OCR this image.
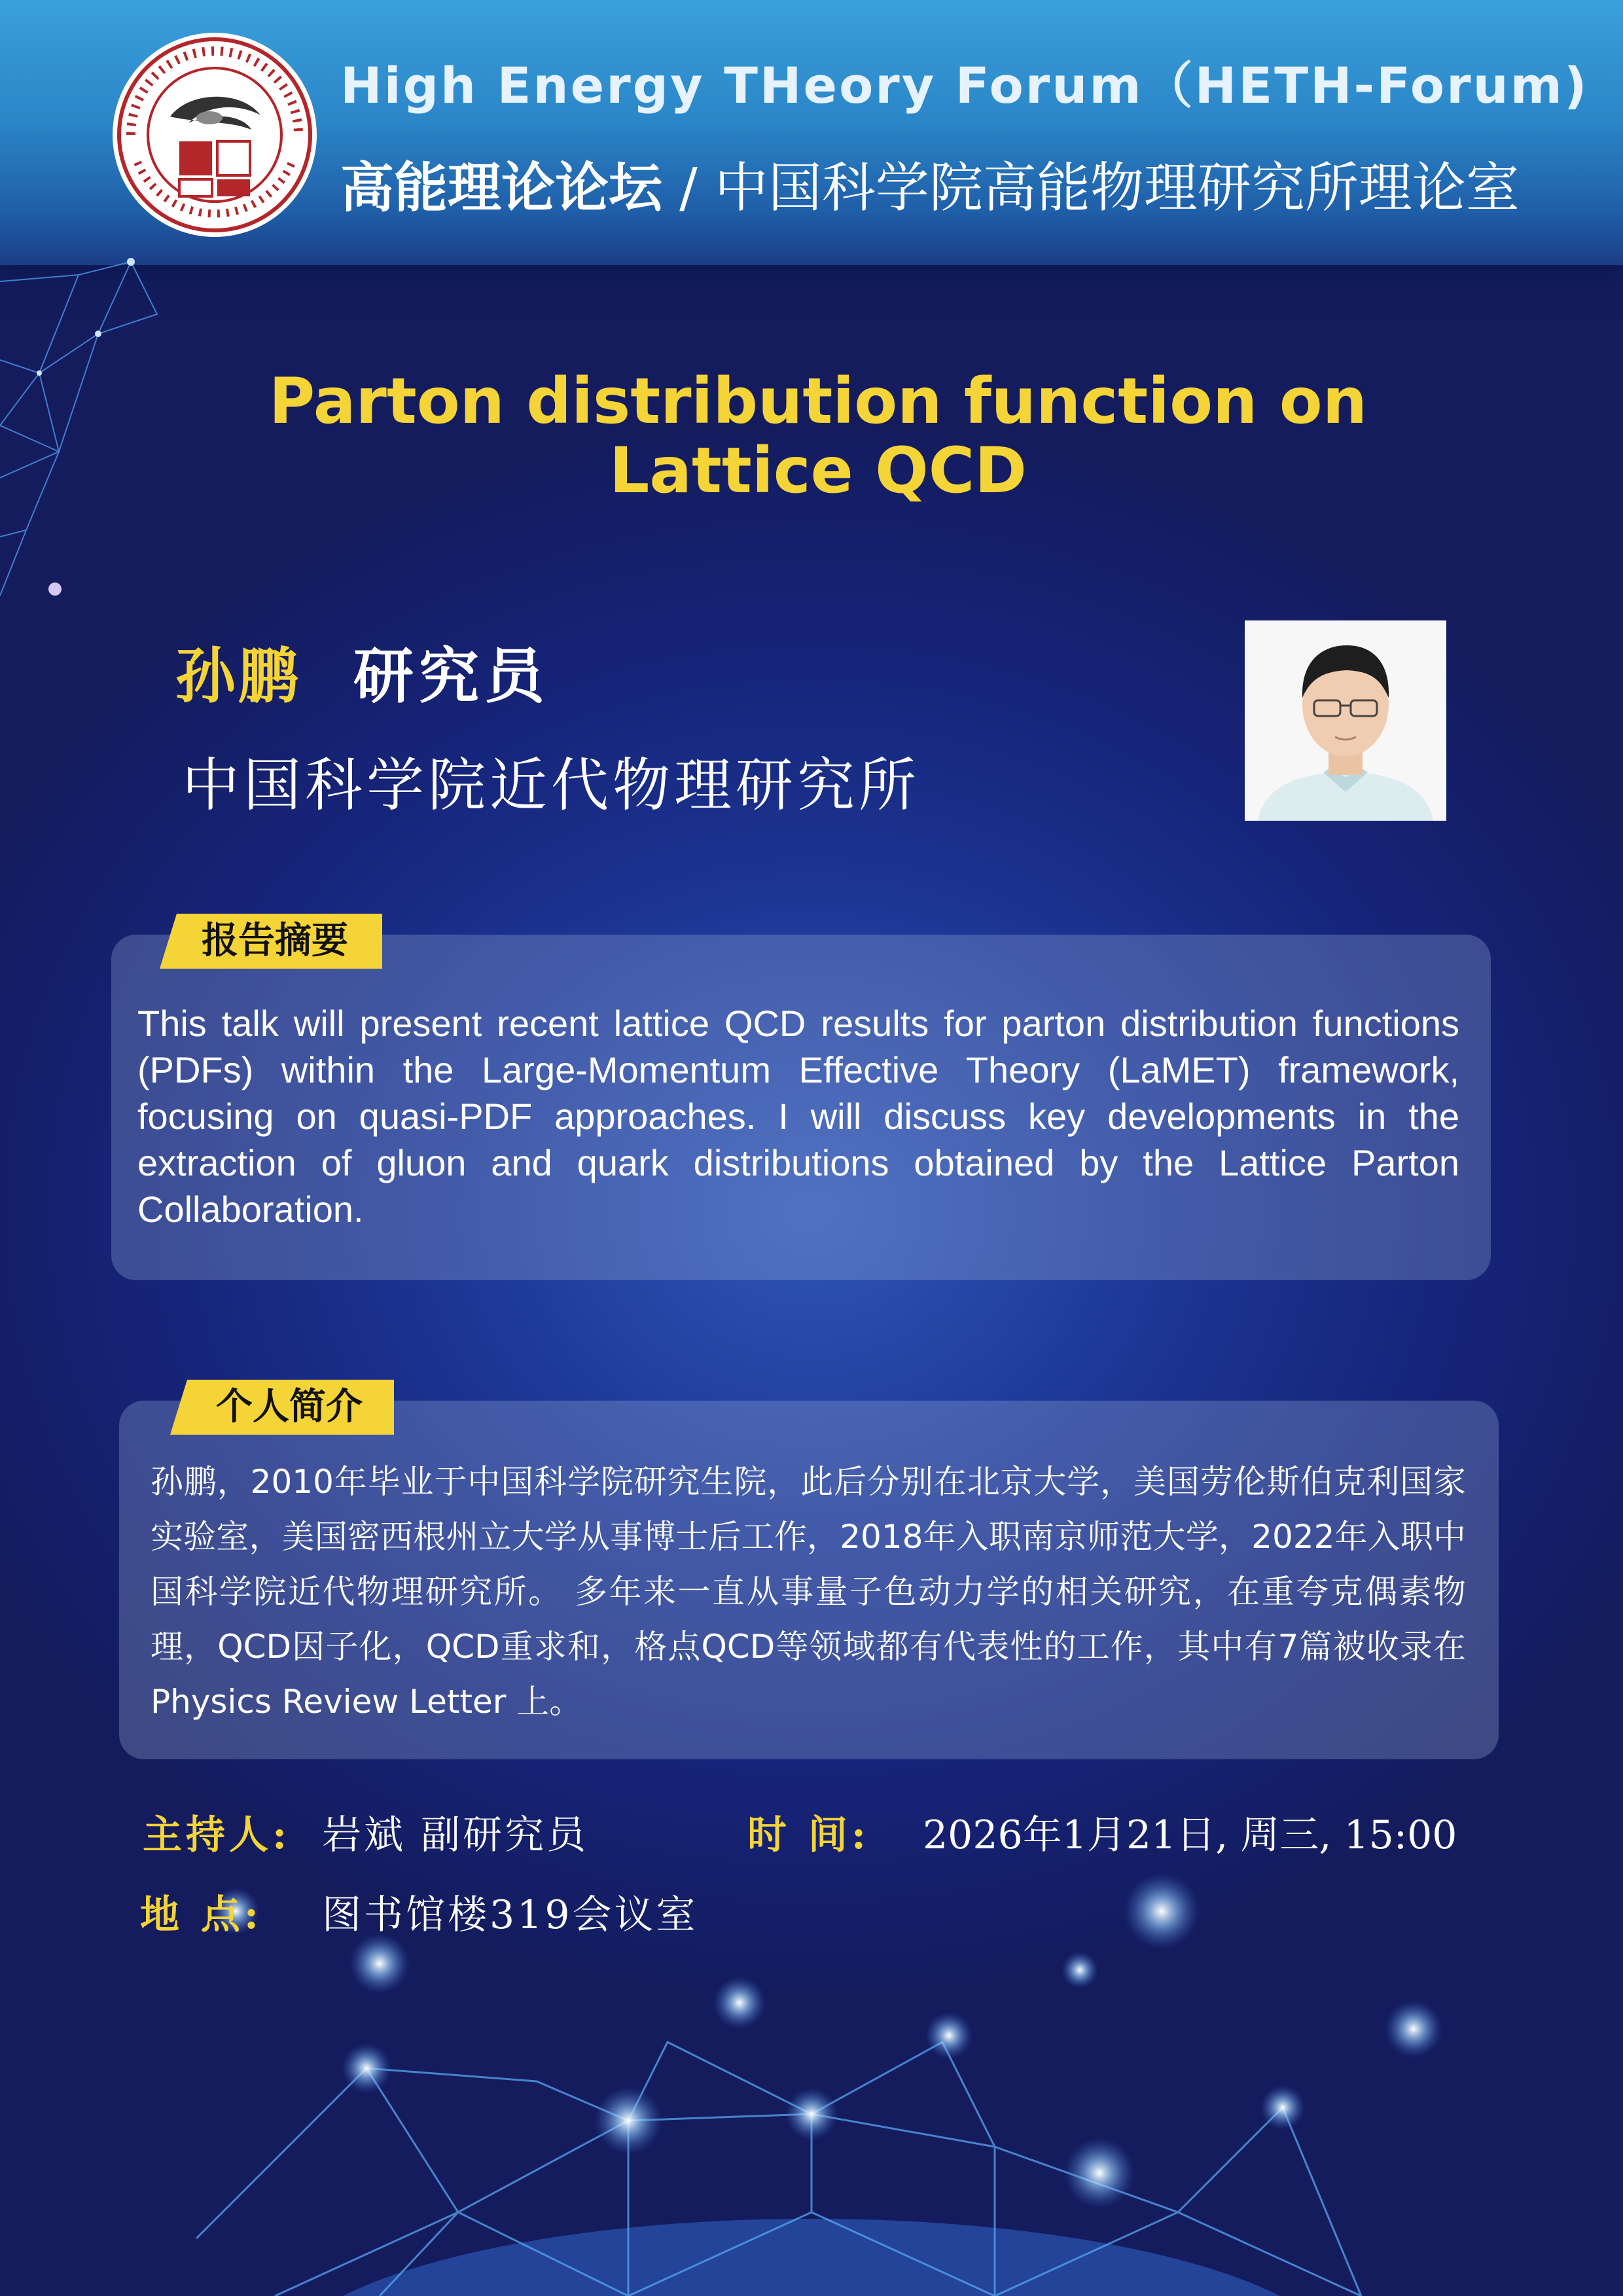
High Energy THeory Forum（HETH-Forum)
高能理论论坛 / 中国科学院高能物理研究所理论室
Parton distribution function on
Lattice QCD
孙鹏 研究员
中国科学院近代物理研究所
报告摘要
This talk will present recent lattice QCD results for parton distribution functions (PDFs) within the Large-Momentum Effective Theory (LaMET) framework, focusing on quasi-PDF approaches. I will discuss key developments in the extraction of gluon and quark distributions obtained by the Lattice Parton Collaboration.
个人简介
孙鹏，2010年毕业于中国科学院研究生院，此后分别在北京大学，美国劳伦斯伯克利国家实验室，美国密西根州立大学从事博士后工作，2018年入职南京师范大学，2022年入职中国科学院近代物理研究所。 多年来一直从事量子色动力学的相关研究，在重夸克偶素物理，QCD因子化，QCD重求和，格点QCD等领域都有代表性的工作，其中有7篇被收录在Physics Review Letter 上。
主持人: 岩斌 副研究员	时 间: 2026年1月21日, 周三, 15:00
地 点: 图书馆楼319会议室
